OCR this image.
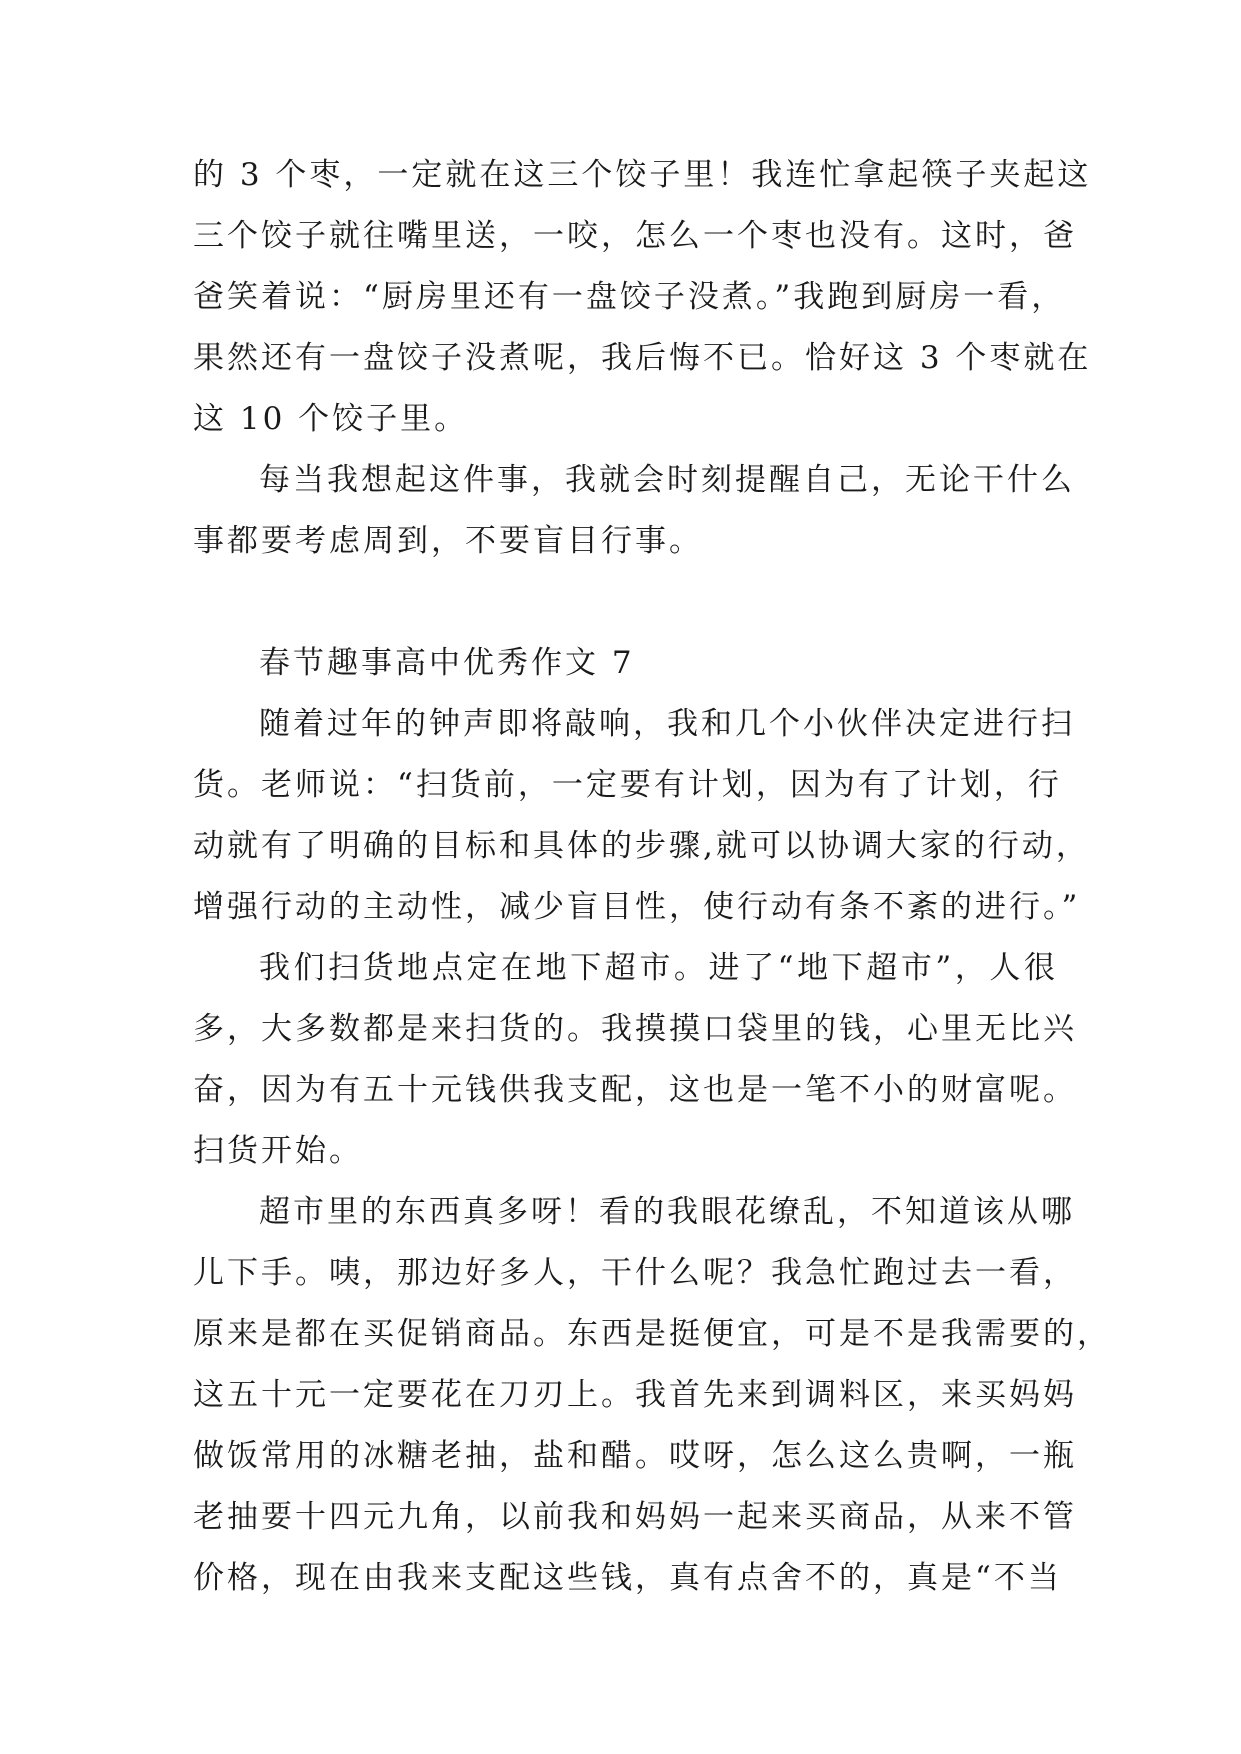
的 3 个枣，一定就在这三个饺子里！我连忙拿起筷子夹起这
三个饺子就往嘴里送，一咬，怎么一个枣也没有。这时，爸
爸笑着说：“厨房里还有一盘饺子没煮。”我跑到厨房一看，
果然还有一盘饺子没煮呢，我后悔不已。恰好这 3 个枣就在
这 10 个饺子里。
每当我想起这件事，我就会时刻提醒自己，无论干什么
事都要考虑周到，不要盲目行事。
春节趣事高中优秀作文 7
随着过年的钟声即将敲响，我和几个小伙伴决定进行扫
货。老师说：“扫货前，一定要有计划，因为有了计划，行
动就有了明确的目标和具体的步骤,就可以协调大家的行动，
增强行动的主动性，减少盲目性，使行动有条不紊的进行。”
我们扫货地点定在地下超市。进了“地下超市”，人很
多，大多数都是来扫货的。我摸摸口袋里的钱，心里无比兴
奋，因为有五十元钱供我支配，这也是一笔不小的财富呢。
扫货开始。
超市里的东西真多呀！看的我眼花缭乱，不知道该从哪
儿下手。咦，那边好多人，干什么呢？我急忙跑过去一看，
原来是都在买促销商品。东西是挺便宜，可是不是我需要的，
这五十元一定要花在刀刃上。我首先来到调料区，来买妈妈
做饭常用的冰糖老抽，盐和醋。哎呀，怎么这么贵啊，一瓶
老抽要十四元九角，以前我和妈妈一起来买商品，从来不管
价格，现在由我来支配这些钱，真有点舍不的，真是“不当
